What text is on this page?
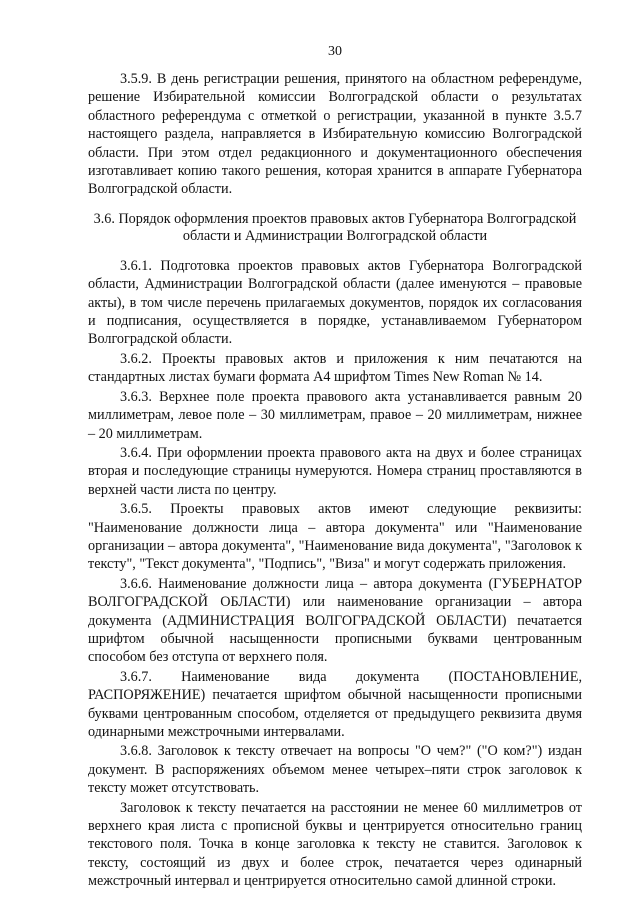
30

3.5.9. В день регистрации решения, принятого на областном референдуме, решение Избирательной комиссии Волгоградской области о результатах областного референдума с отметкой о регистрации, указанной в пункте 3.5.7 настоящего раздела, направляется в Избирательную комиссию Волгоградской области. При этом отдел редакционного и документационного обеспечения изготавливает копию такого решения, которая хранится в аппарате Губернатора Волгоградской области.

3.6. Порядок оформления проектов правовых актов Губернатора Волгоградской области и Администрации Волгоградской области

3.6.1. Подготовка проектов правовых актов Губернатора Волгоградской области, Администрации Волгоградской области (далее именуются – правовые акты), в том числе перечень прилагаемых документов, порядок их согласования и подписания, осуществляется в порядке, устанавливаемом Губернатором Волгоградской области.

3.6.2. Проекты правовых актов и приложения к ним печатаются на стандартных листах бумаги формата А4 шрифтом Times New Roman № 14.

3.6.3. Верхнее поле проекта правового акта устанавливается равным 20 миллиметрам, левое поле – 30 миллиметрам, правое – 20 миллиметрам, нижнее – 20 миллиметрам.

3.6.4. При оформлении проекта правового акта на двух и более страницах вторая и последующие страницы нумеруются. Номера страниц проставляются в верхней части листа по центру.

3.6.5. Проекты правовых актов имеют следующие реквизиты: "Наименование должности лица – автора документа" или "Наименование организации – автора документа", "Наименование вида документа", "Заголовок к тексту", "Текст документа", "Подпись", "Виза" и могут содержать приложения.

3.6.6. Наименование должности лица – автора документа (ГУБЕРНАТОР ВОЛГОГРАДСКОЙ ОБЛАСТИ) или наименование организации – автора документа (АДМИНИСТРАЦИЯ ВОЛГОГРАДСКОЙ ОБЛАСТИ) печатается шрифтом обычной насыщенности прописными буквами центрованным способом без отступа от верхнего поля.

3.6.7. Наименование вида документа (ПОСТАНОВЛЕНИЕ, РАСПОРЯЖЕНИЕ) печатается шрифтом обычной насыщенности прописными буквами центрованным способом, отделяется от предыдущего реквизита двумя одинарными межстрочными интервалами.

3.6.8. Заголовок к тексту отвечает на вопросы "О чем?" ("О ком?") издан документ. В распоряжениях объемом менее четырех–пяти строк заголовок к тексту может отсутствовать.

Заголовок к тексту печатается на расстоянии не менее 60 миллиметров от верхнего края листа с прописной буквы и центрируется относительно границ текстового поля. Точка в конце заголовка к тексту не ставится. Заголовок к тексту, состоящий из двух и более строк, печатается через одинарный межстрочный интервал и центрируется относительно самой длинной строки.
